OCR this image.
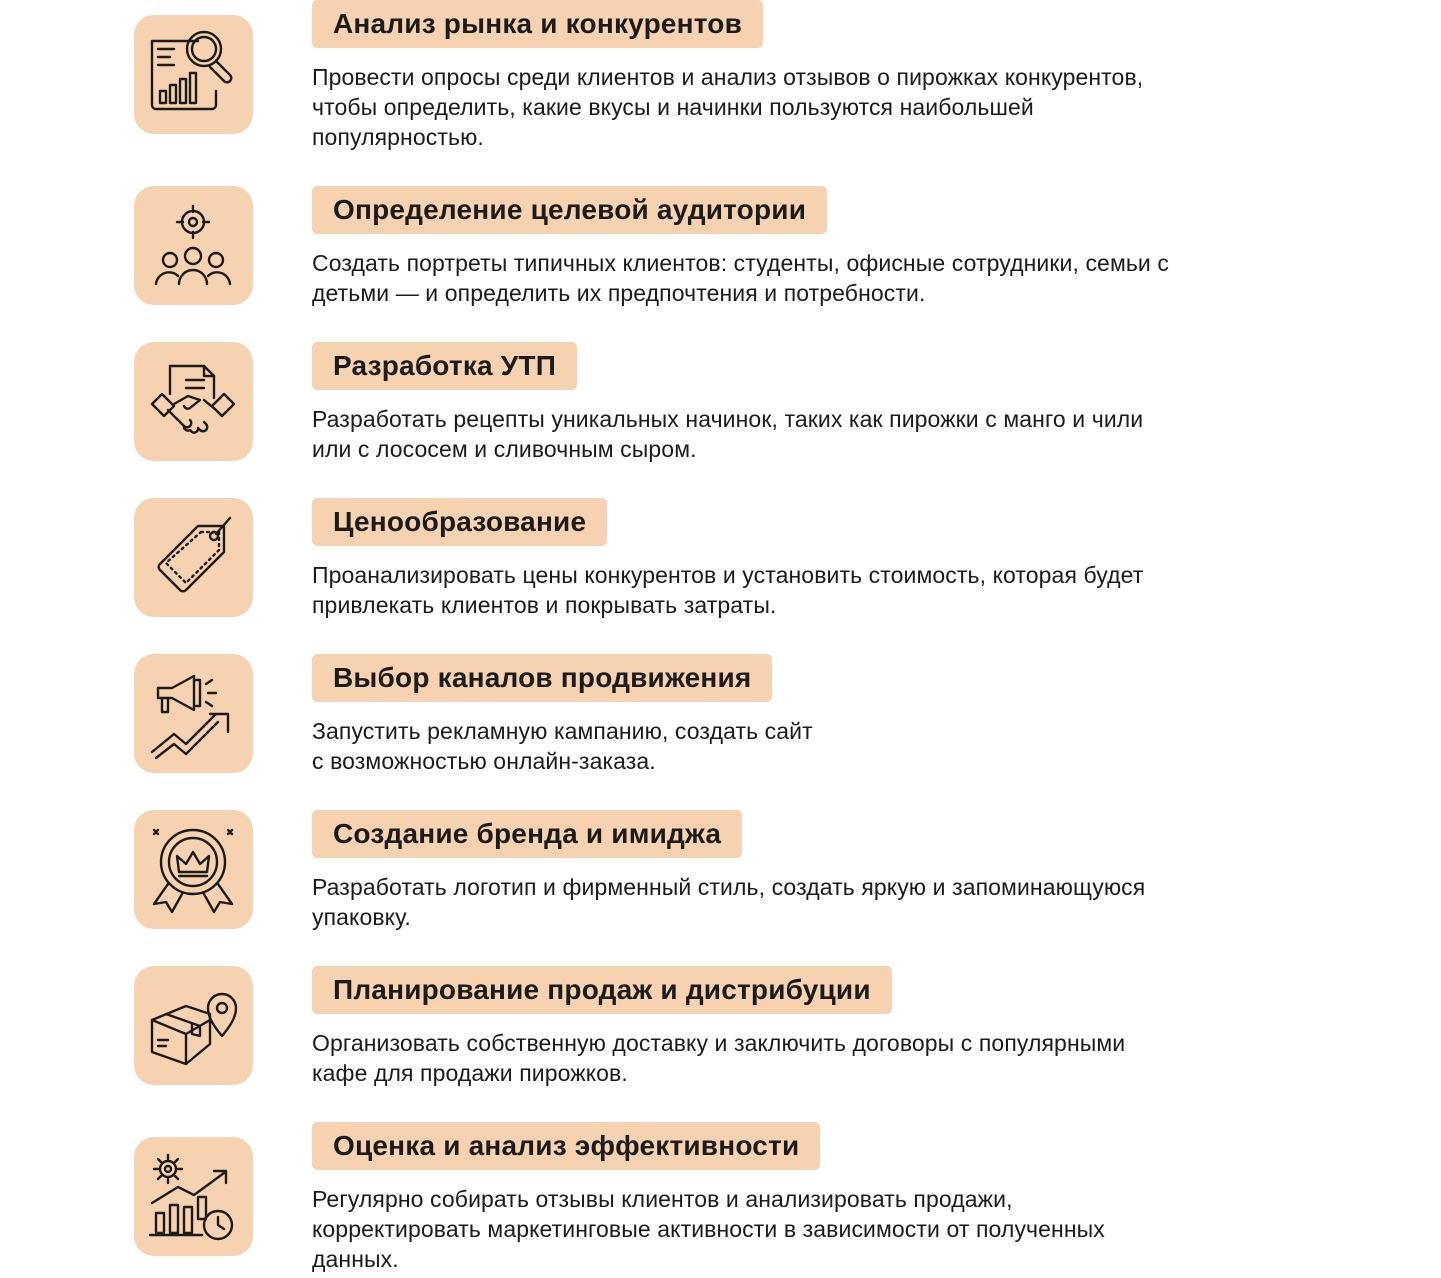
Анализ рынка и конкурентов

Провести опросы среди клиентов и анализ отзывов о пирожках конкурентов,
чтобы определить, какие вкусы и начинки пользуются наибольшей
популярностью.

Определение целевой аудитории

Создать портреты типичных клиентов: студенты, офисные сотрудники, семьи с
детьми — и определить их предпочтения и потребности.

Разработка УТП

Разработать рецепты уникальных начинок, таких как пирожки с манго и чили
или с лососем и сливочным сыром.

Ценообразование

Проанализировать цены конкурентов и установить стоимость, которая будет
привлекать клиентов и покрывать затраты.

Выбор каналов продвижения

Запустить рекламную кампанию, создать сайт
с возможностью онлайн-заказа.

Создание бренда и имиджа

Разработать логотип и фирменный стиль, создать яркую и запоминающуюся
упаковку.

Планирование продаж и дистрибуции

Организовать собственную доставку и заключить договоры с популярными
кафе для продажи пирожков.

Оценка и анализ эффективности

Регулярно собирать отзывы клиентов и анализировать продажи,
корректировать маркетинговые активности в зависимости от полученных
данных.
